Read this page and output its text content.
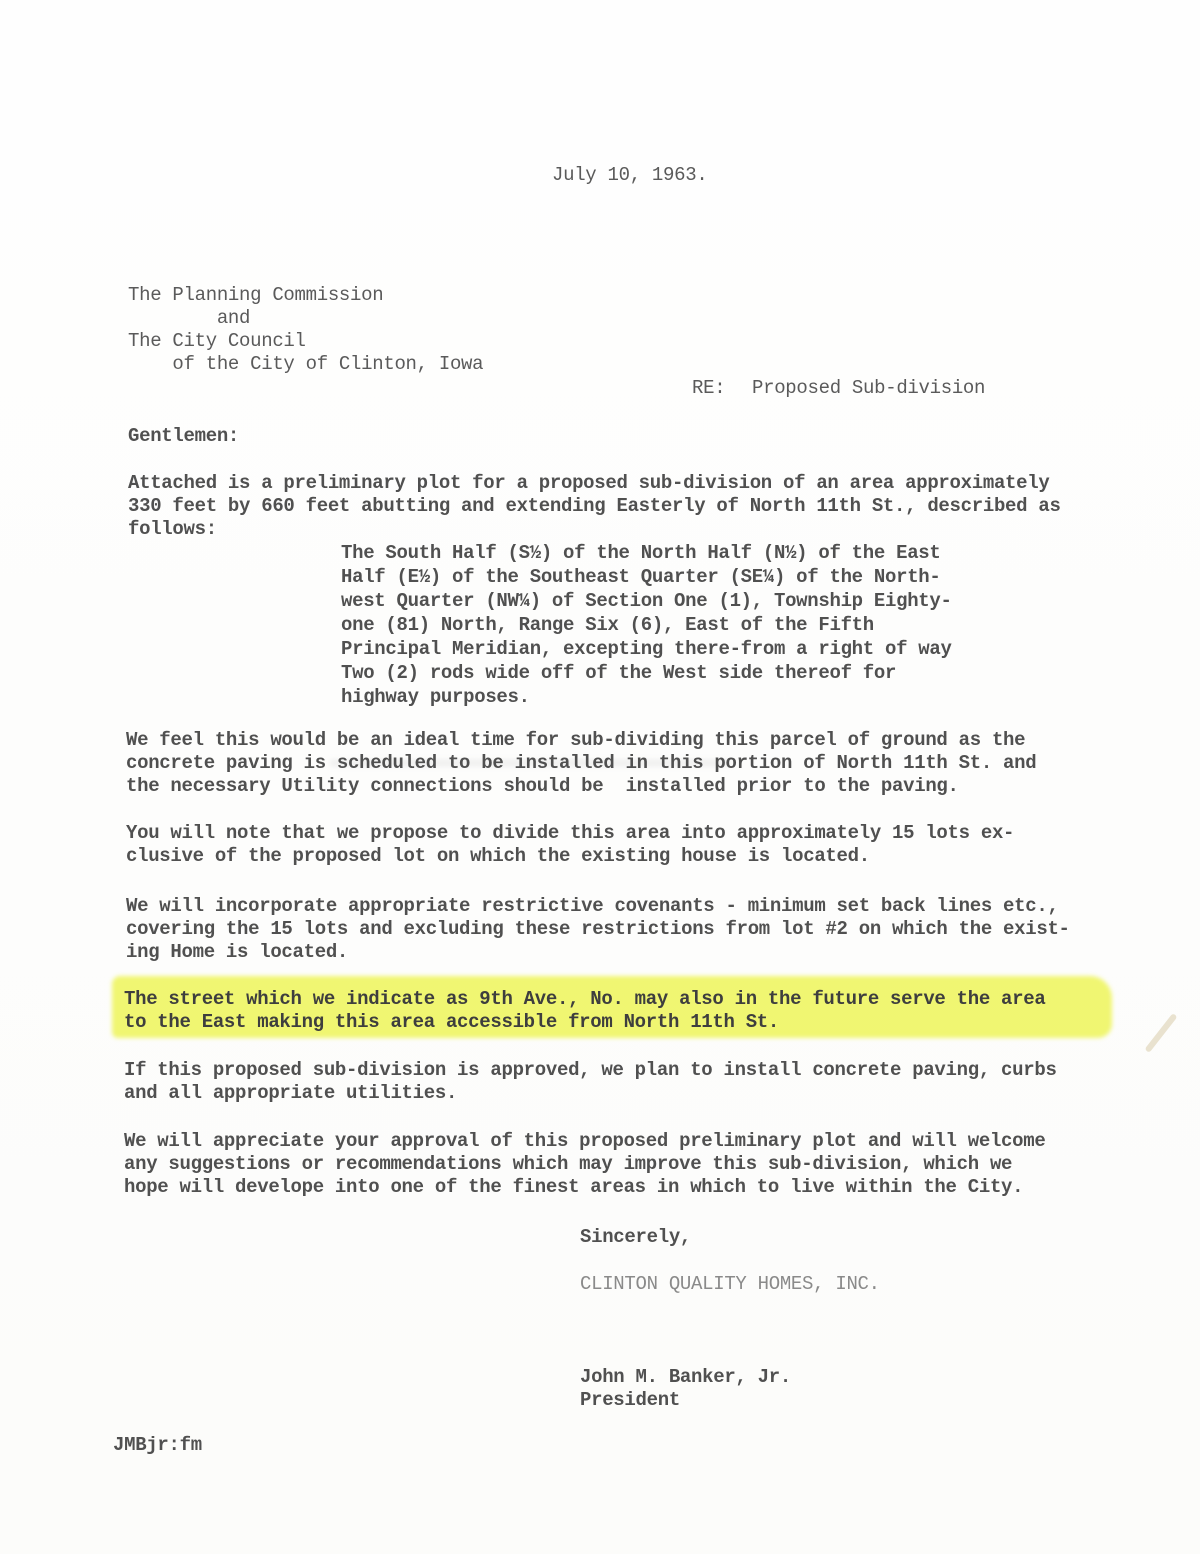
July 10, 1963.
The Planning Commission
and
The City Council
of the City of Clinton, Iowa
RE: Proposed Sub-division
Gentlemen:
Attached is a preliminary plot for a proposed sub-division of an area approximately
330 feet by 660 feet abutting and extending Easterly of North 11th St., described as
follows:
The South Half (S½) of the North Half (N½) of the East
Half (E½) of the Southeast Quarter (SE¼) of the North-
west Quarter (NW¼) of Section One (1), Township Eighty-
one (81) North, Range Six (6), East of the Fifth
Principal Meridian, excepting there-from a right of way
Two (2) rods wide off of the West side thereof for
highway purposes.
We feel this would be an ideal time for sub-dividing this parcel of ground as the
concrete paving is scheduled to be installed in this portion of North 11th St. and
the necessary Utility connections should be  installed prior to the paving.
You will note that we propose to divide this area into approximately 15 lots ex-
clusive of the proposed lot on which the existing house is located.
We will incorporate appropriate restrictive covenants - minimum set back lines etc.,
covering the 15 lots and excluding these restrictions from lot #2 on which the exist-
ing Home is located.
The street which we indicate as 9th Ave., No. may also in the future serve the area
to the East making this area accessible from North 11th St.
If this proposed sub-division is approved, we plan to install concrete paving, curbs
and all appropriate utilities.
We will appreciate your approval of this proposed preliminary plot and will welcome
any suggestions or recommendations which may improve this sub-division, which we
hope will develope into one of the finest areas in which to live within the City.
Sincerely,
CLINTON QUALITY HOMES, INC.
John M. Banker, Jr.
President
JMBjr:fm
